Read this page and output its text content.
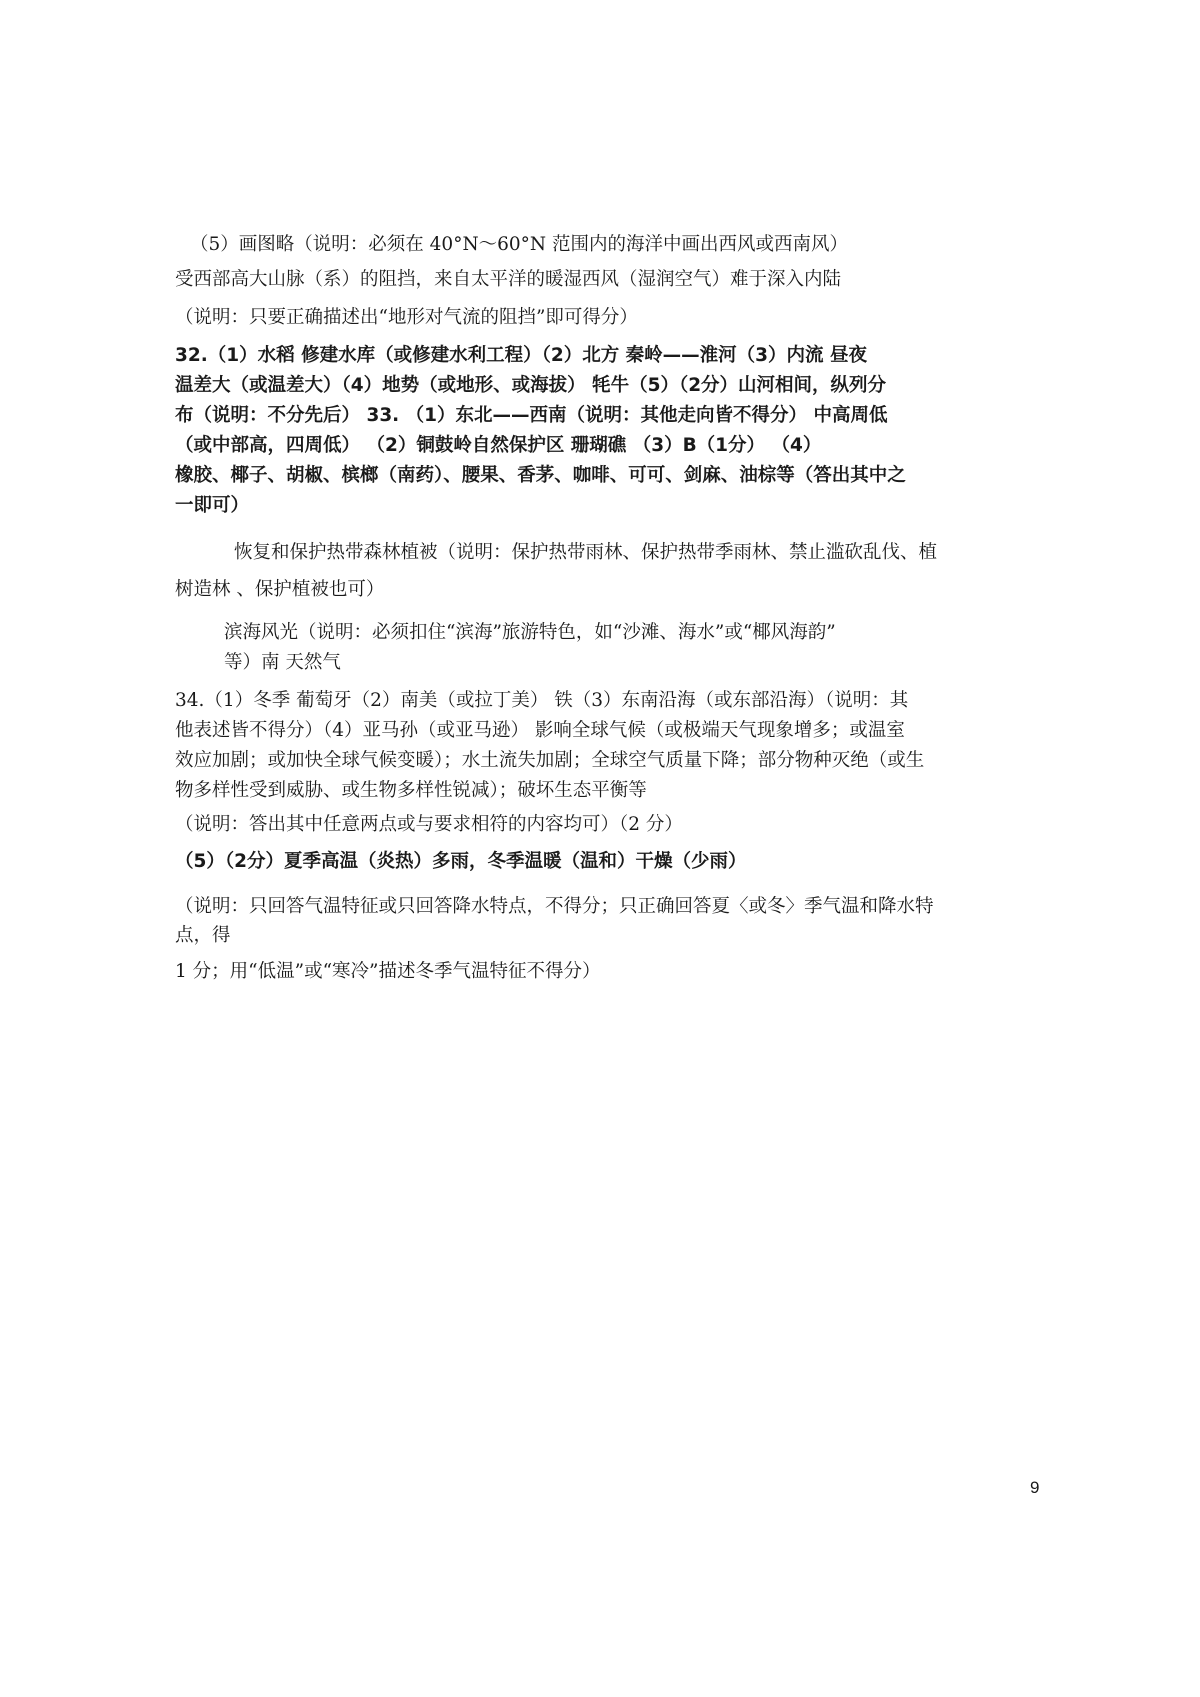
（5）画图略（说明：必须在 40°N～60°N 范围内的海洋中画出西风或西南风）
受西部高大山脉（系）的阻挡，来自太平洋的暖湿西风（湿润空气）难于深入内陆
（说明：只要正确描述出“地形对气流的阻挡”即可得分）
32.（1）水稻 修建水库（或修建水利工程）（2）北方 秦岭——淮河（3）内流 昼夜
温差大（或温差大）（4）地势（或地形、或海拔） 牦牛（5）（2分）山河相间，纵列分
布（说明：不分先后） 33. （1）东北——西南（说明：其他走向皆不得分） 中高周低
（或中部高，四周低） （2）铜鼓岭自然保护区 珊瑚礁 （3）B（1分） （4）
橡胶、椰子、胡椒、槟榔（南药）、腰果、香茅、咖啡、可可、剑麻、油棕等（答出其中之
一即可）
恢复和保护热带森林植被（说明：保护热带雨林、保护热带季雨林、禁止滥砍乱伐、植
树造林 、保护植被也可）
滨海风光（说明：必须扣住“滨海”旅游特色，如“沙滩、海水”或“椰风海韵”
等）南 天然气
34.（1）冬季 葡萄牙（2）南美（或拉丁美） 铁（3）东南沿海（或东部沿海）（说明：其
他表述皆不得分）（4）亚马孙（或亚马逊） 影响全球气候（或极端天气现象增多；或温室
效应加剧；或加快全球气候变暖）；水土流失加剧；全球空气质量下降；部分物种灭绝（或生
物多样性受到威胁、或生物多样性锐减）；破坏生态平衡等
（说明：答出其中任意两点或与要求相符的内容均可）（2 分）
（5）（2分）夏季高温（炎热）多雨，冬季温暖（温和）干燥（少雨）
（说明：只回答气温特征或只回答降水特点，不得分；只正确回答夏〈或冬〉季气温和降水特
点，得
1 分；用“低温”或“寒冷”描述冬季气温特征不得分）
9
